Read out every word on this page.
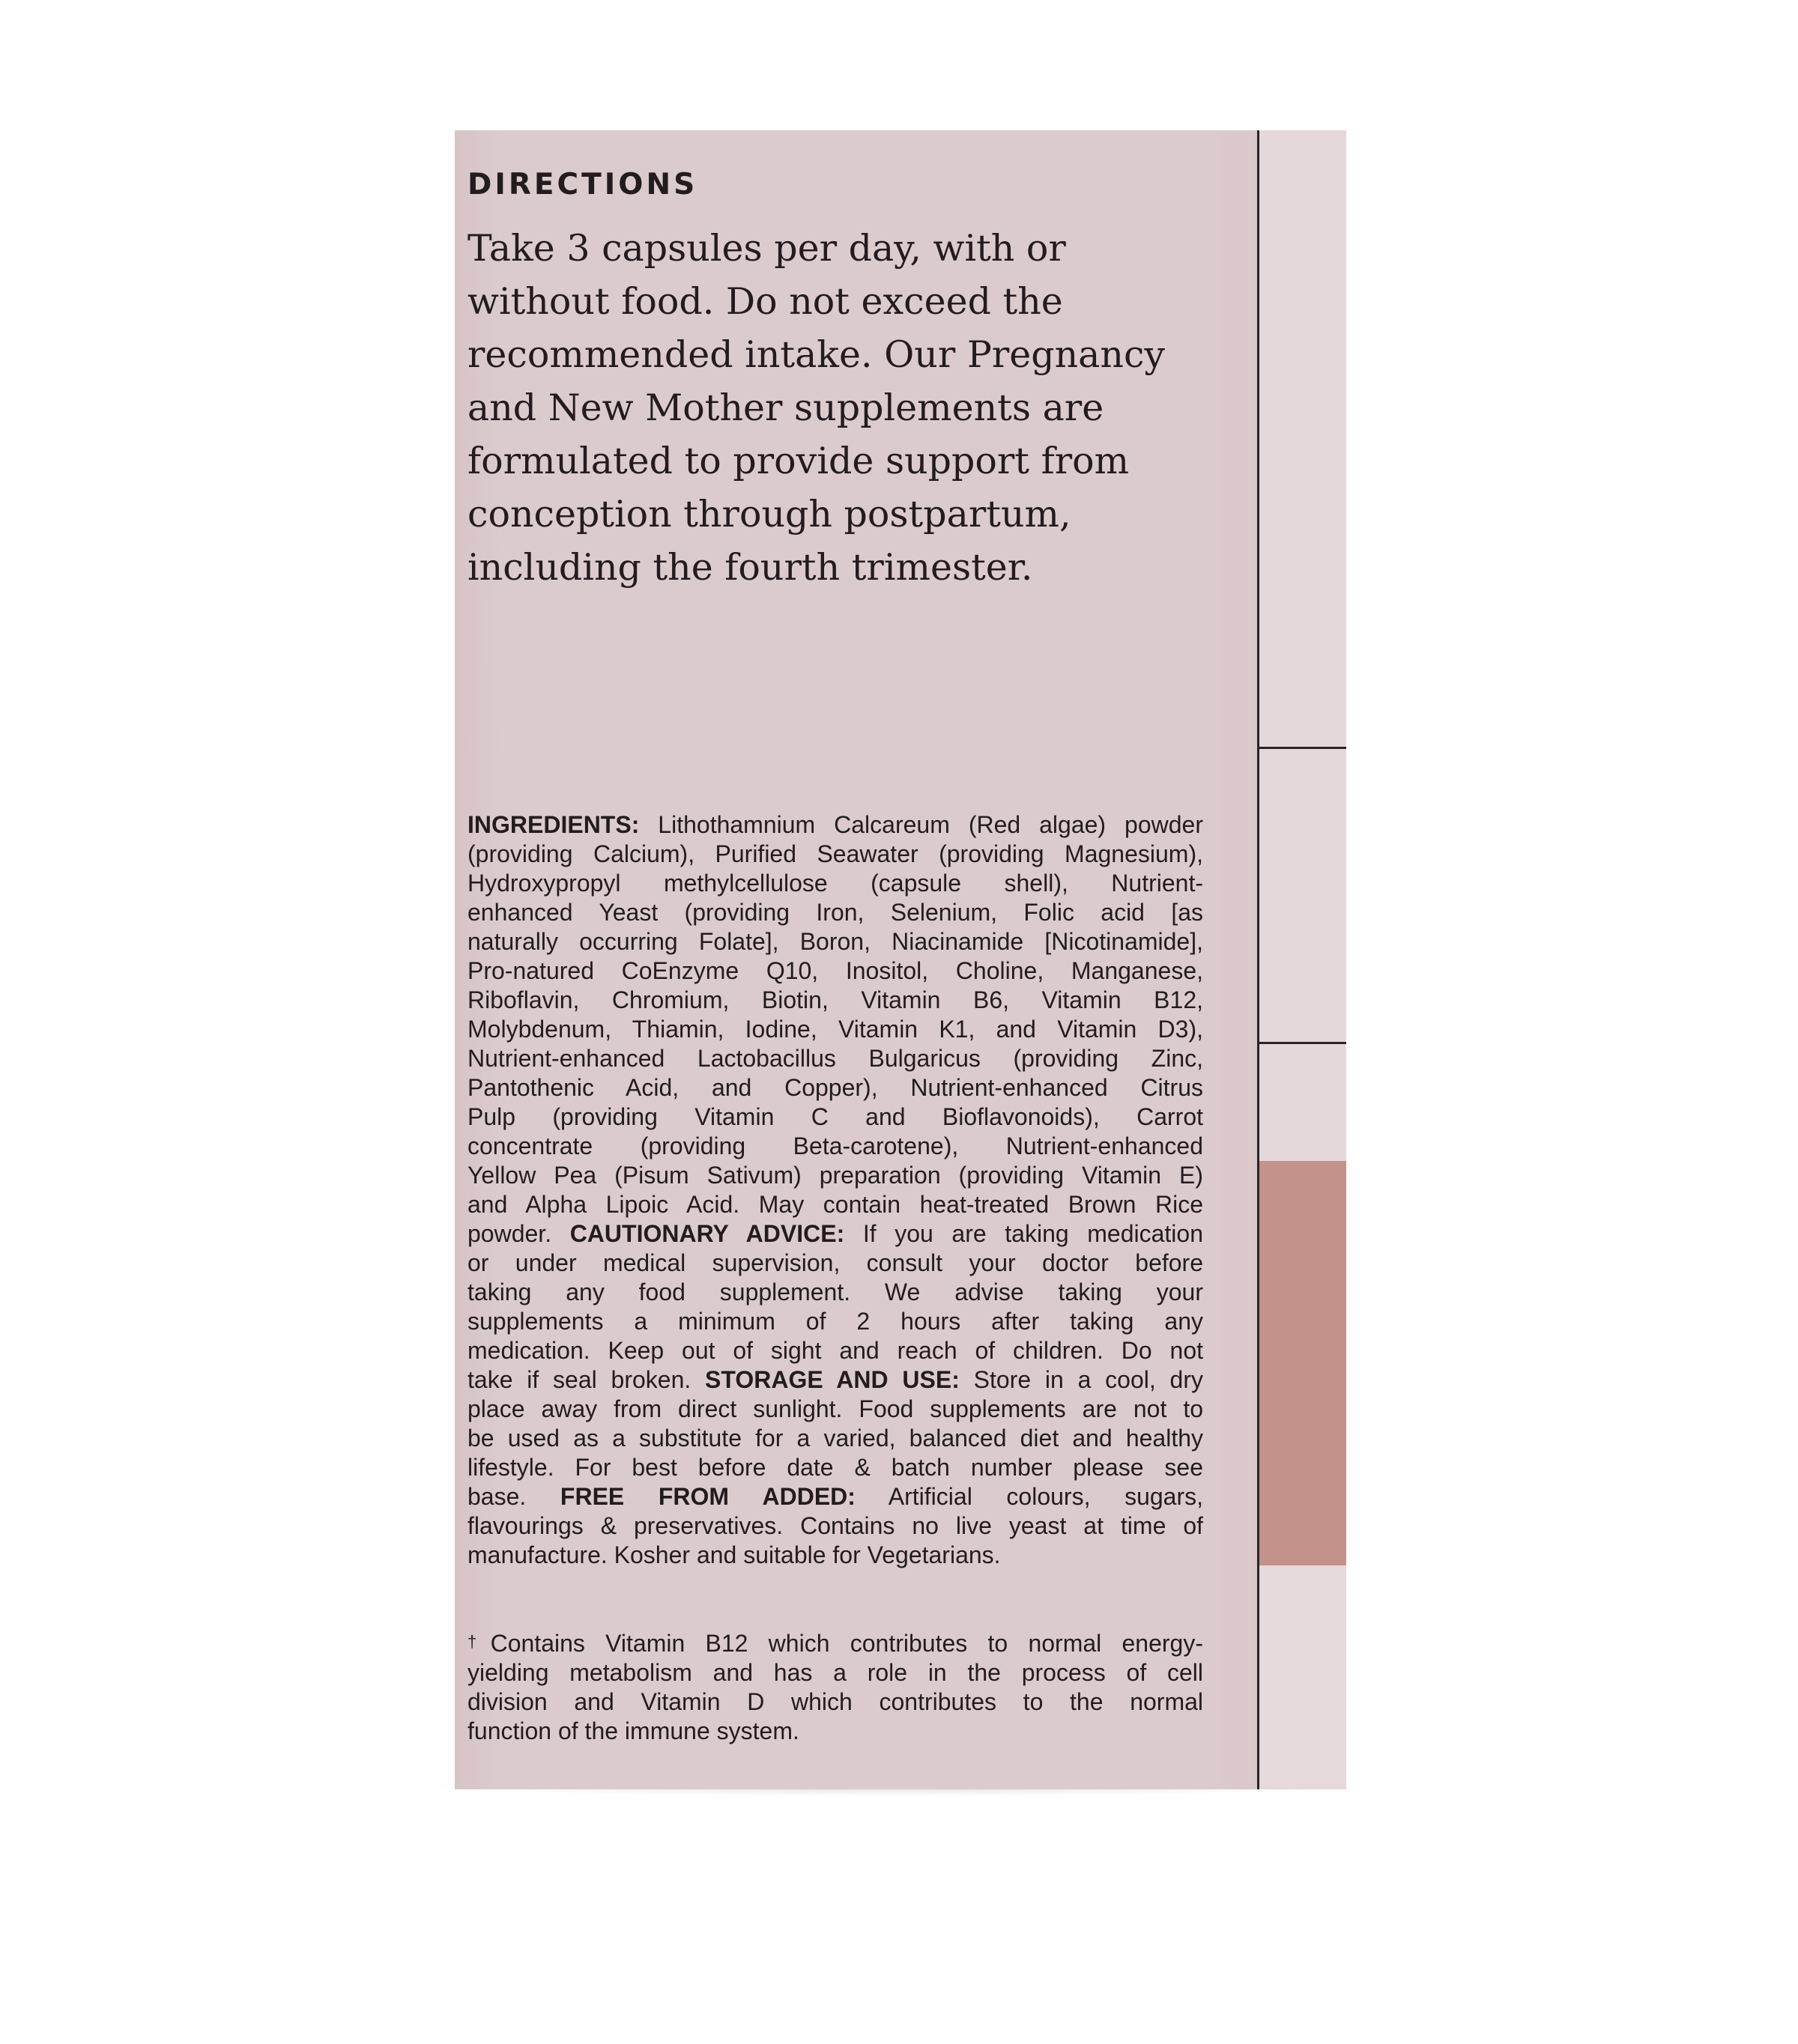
DIRECTIONS

Take 3 capsules per day, with or
without food. Do not exceed the
recommended intake. Our Pregnancy
and New Mother supplements are
formulated to provide support from
conception through postpartum,
including the fourth trimester.

INGREDIENTS: Lithothamnium Calcareum (Red algae) powder
(providing Calcium), Purified Seawater (providing Magnesium),
Hydroxypropyl methylcellulose (capsule shell), Nutrient-
enhanced Yeast (providing Iron, Selenium, Folic acid [as
naturally occurring Folate], Boron, Niacinamide [Nicotinamide],
Pro-natured CoEnzyme Q10, Inositol, Choline, Manganese,
Riboflavin, Chromium, Biotin, Vitamin B6, Vitamin B12,
Molybdenum, Thiamin, Iodine, Vitamin K1, and Vitamin D3),
Nutrient-enhanced Lactobacillus Bulgaricus (providing Zinc,
Pantothenic Acid, and Copper), Nutrient-enhanced Citrus
Pulp (providing Vitamin C and Bioflavonoids), Carrot
concentrate (providing Beta-carotene), Nutrient-enhanced
Yellow Pea (Pisum Sativum) preparation (providing Vitamin E)
and Alpha Lipoic Acid. May contain heat-treated Brown Rice
powder. CAUTIONARY ADVICE: If you are taking medication
or under medical supervision, consult your doctor before
taking any food supplement. We advise taking your
supplements a minimum of 2 hours after taking any
medication. Keep out of sight and reach of children. Do not
take if seal broken. STORAGE AND USE: Store in a cool, dry
place away from direct sunlight. Food supplements are not to
be used as a substitute for a varied, balanced diet and healthy
lifestyle. For best before date & batch number please see
base. FREE FROM ADDED: Artificial colours, sugars,
flavourings & preservatives. Contains no live yeast at time of
manufacture. Kosher and suitable for Vegetarians.

†Contains Vitamin B12 which contributes to normal energy-
yielding metabolism and has a role in the process of cell
division and Vitamin D which contributes to the normal
function of the immune system.
